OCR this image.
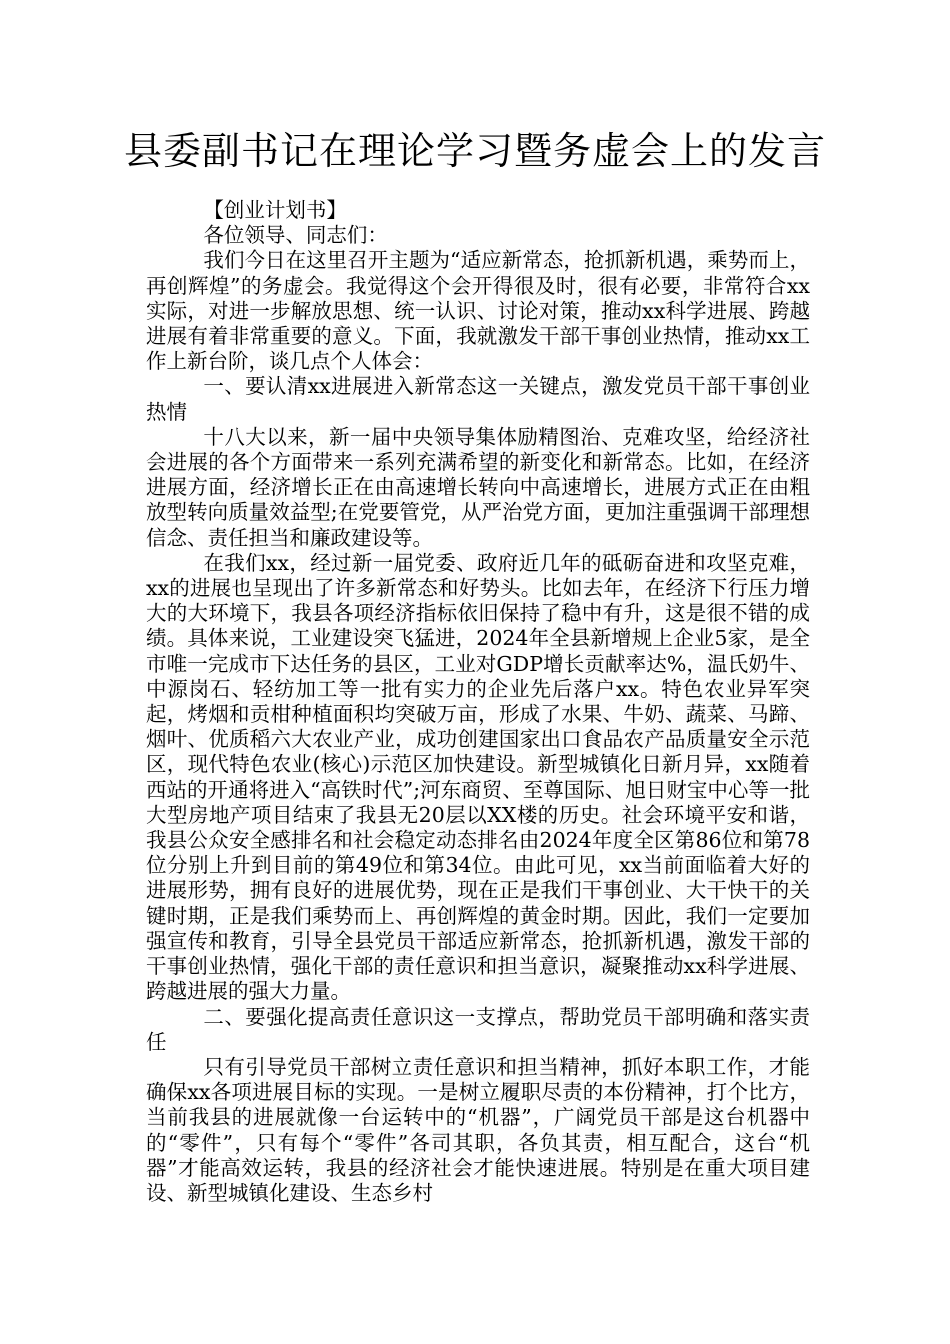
县委副书记在理论学习暨务虚会上的发言

【创业计划书】

各位领导、同志们：

我们今日在这里召开主题为“适应新常态，抢抓新机遇，乘势而上，再创辉煌”的务虚会。我觉得这个会开得很及时，很有必要，非常符合xx实际，对进一步解放思想、统一认识、讨论对策，推动xx科学进展、跨越进展有着非常重要的意义。下面，我就激发干部干事创业热情，推动xx工作上新台阶，谈几点个人体会：

一、要认清xx进展进入新常态这一关键点，激发党员干部干事创业热情

十八大以来，新一届中央领导集体励精图治、克难攻坚，给经济社会进展的各个方面带来一系列充满希望的新变化和新常态。比如，在经济进展方面，经济增长正在由高速增长转向中高速增长，进展方式正在由粗放型转向质量效益型;在党要管党，从严治党方面，更加注重强调干部理想信念、责任担当和廉政建设等。

在我们xx，经过新一届党委、政府近几年的砥砺奋进和攻坚克难，xx的进展也呈现出了许多新常态和好势头。比如去年，在经济下行压力增大的大环境下，我县各项经济指标依旧保持了稳中有升，这是很不错的成绩。具体来说，工业建设突飞猛进，2024年全县新增规上企业5家，是全市唯一完成市下达任务的县区，工业对GDP增长贡献率达%，温氏奶牛、中源岗石、轻纺加工等一批有实力的企业先后落户xx。特色农业异军突起，烤烟和贡柑种植面积均突破万亩，形成了水果、牛奶、蔬菜、马蹄、烟叶、优质稻六大农业产业，成功创建国家出口食品农产品质量安全示范区，现代特色农业(核心)示范区加快建设。新型城镇化日新月异，xx随着西站的开通将进入“高铁时代”;河东商贸、至尊国际、旭日财宝中心等一批大型房地产项目结束了我县无20层以XX楼的历史。社会环境平安和谐，我县公众安全感排名和社会稳定动态排名由2024年度全区第86位和第78位分别上升到目前的第49位和第34位。由此可见，xx当前面临着大好的进展形势，拥有良好的进展优势，现在正是我们干事创业、大干快干的关键时期，正是我们乘势而上、再创辉煌的黄金时期。因此，我们一定要加强宣传和教育，引导全县党员干部适应新常态，抢抓新机遇，激发干部的干事创业热情，强化干部的责任意识和担当意识，凝聚推动xx科学进展、跨越进展的强大力量。

二、要强化提高责任意识这一支撑点，帮助党员干部明确和落实责任

只有引导党员干部树立责任意识和担当精神，抓好本职工作，才能确保xx各项进展目标的实现。一是树立履职尽责的本份精神，打个比方，当前我县的进展就像一台运转中的“机器”，广阔党员干部是这台机器中的“零件”，只有每个“零件”各司其职，各负其责，相互配合，这台“机器”才能高效运转，我县的经济社会才能快速进展。特别是在重大项目建设、新型城镇化建设、生态乡村
